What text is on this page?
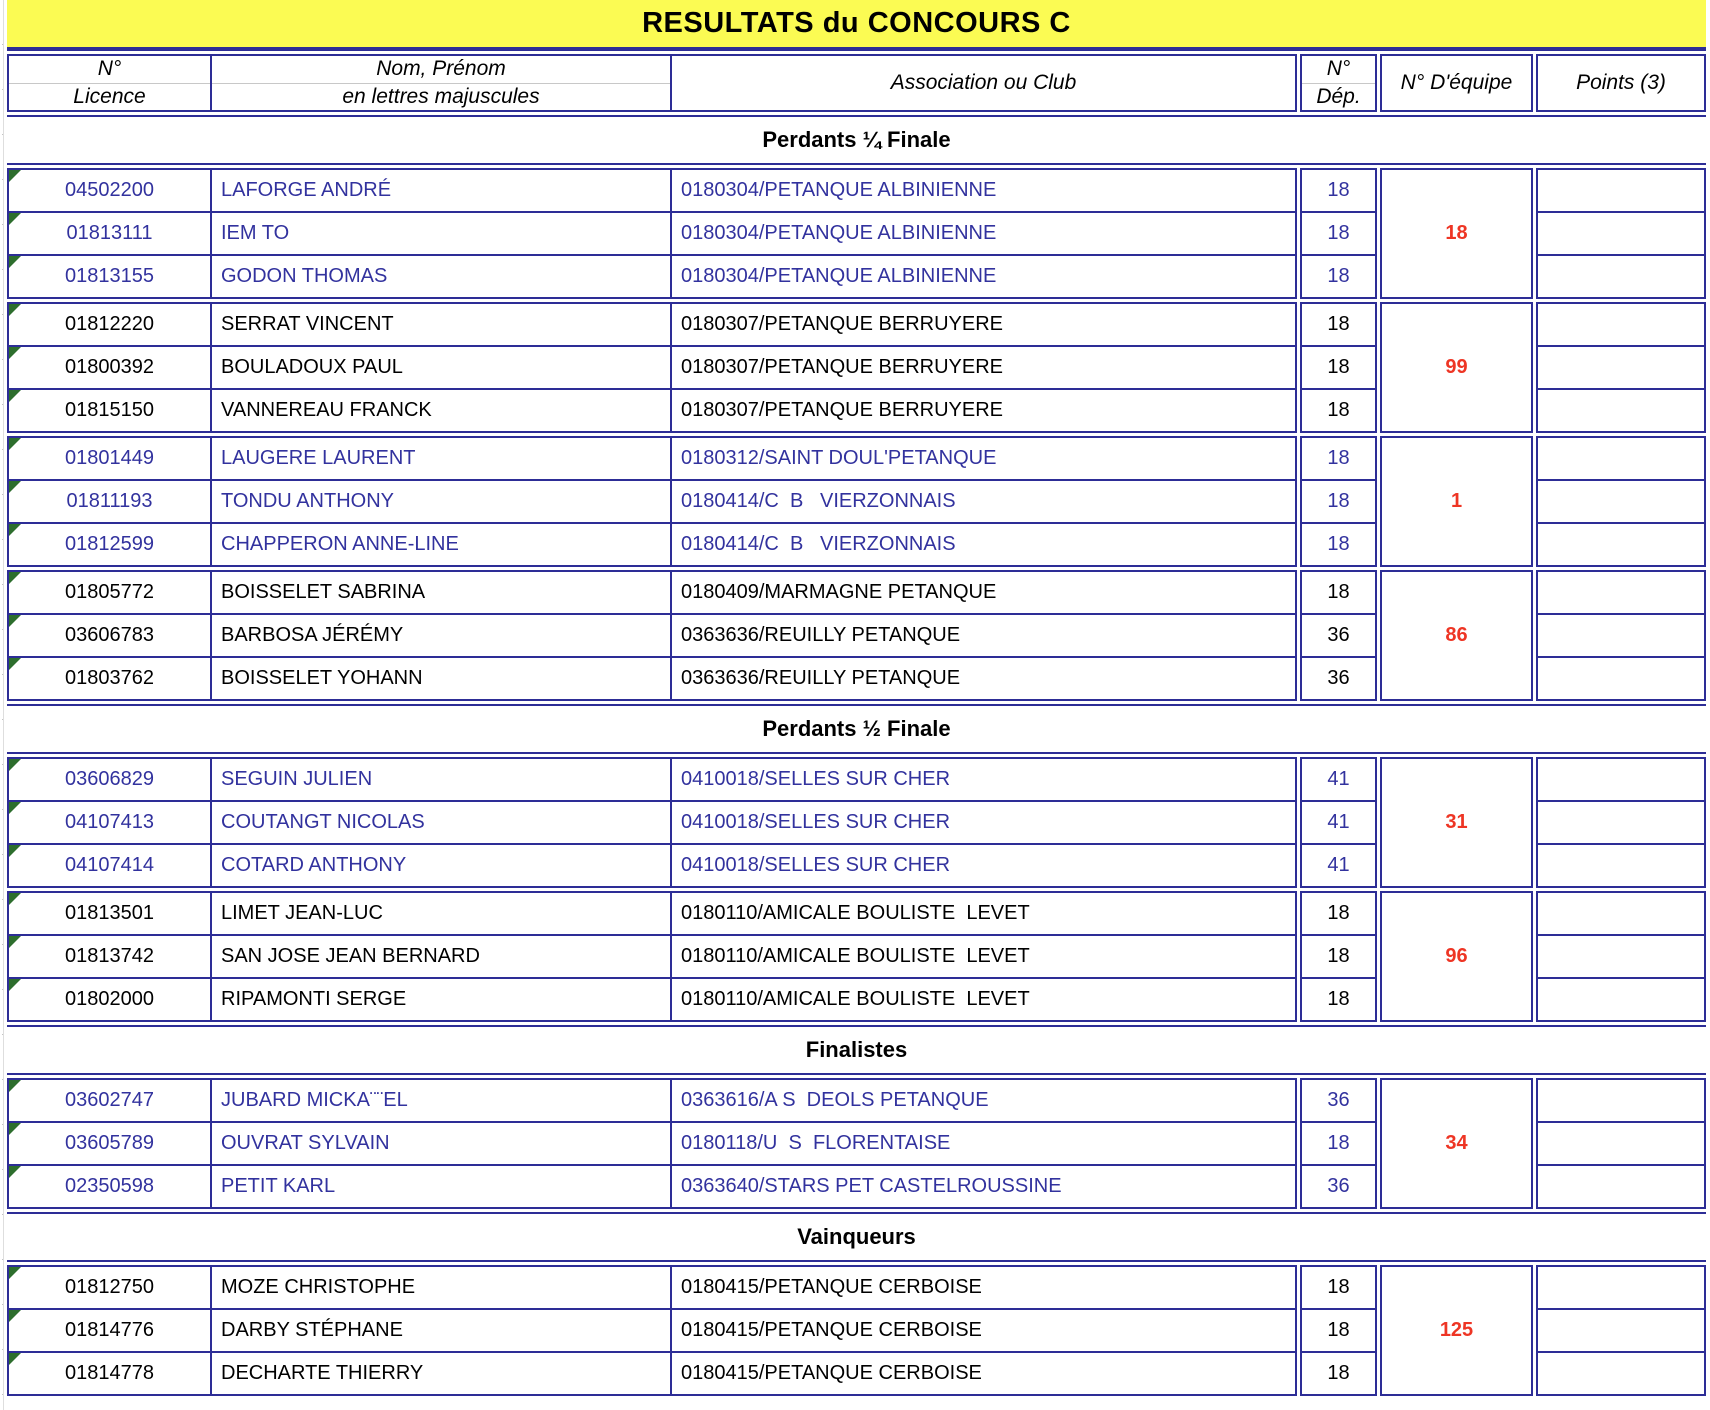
RESULTATS du CONCOURS C
N°
Licence
Nom, Prénom
en lettres majuscules
Association ou Club
N°
Dép.
N° D'équipe	Points (3)
Perdants ¼ Finale
04502200	LAFORGE ANDRÉ	0180304/PETANQUE ALBINIENNE	18
01813111	IEM TO	0180304/PETANQUE ALBINIENNE	18
01813155	GODON THOMAS	0180304/PETANQUE ALBINIENNE	18
18
01812220	SERRAT VINCENT	0180307/PETANQUE BERRUYERE	18
01800392	BOULADOUX PAUL	0180307/PETANQUE BERRUYERE	18
01815150	VANNEREAU FRANCK	0180307/PETANQUE BERRUYERE	18
99
01801449	LAUGERE LAURENT	0180312/SAINT DOUL'PETANQUE	18
01811193	TONDU ANTHONY	0180414/C  B   VIERZONNAIS	18
01812599	CHAPPERON ANNE-LINE	0180414/C  B   VIERZONNAIS	18
1
01805772	BOISSELET SABRINA	0180409/MARMAGNE PETANQUE	18
03606783	BARBOSA JÉRÉMY	0363636/REUILLY PETANQUE	36
01803762	BOISSELET YOHANN	0363636/REUILLY PETANQUE	36
86
Perdants ½ Finale
03606829	SEGUIN JULIEN	0410018/SELLES SUR CHER	41
04107413	COUTANGT NICOLAS	0410018/SELLES SUR CHER	41
04107414	COTARD ANTHONY	0410018/SELLES SUR CHER	41
31
01813501	LIMET JEAN-LUC	0180110/AMICALE BOULISTE  LEVET	18
01813742	SAN JOSE JEAN BERNARD	0180110/AMICALE BOULISTE  LEVET	18
01802000	RIPAMONTI SERGE	0180110/AMICALE BOULISTE  LEVET	18
96
Finalistes
03602747	JUBARD MICKA¨¨EL	0363616/A S  DEOLS PETANQUE	36
03605789	OUVRAT SYLVAIN	0180118/U  S  FLORENTAISE	18
02350598	PETIT KARL	0363640/STARS PET CASTELROUSSINE	36
34
Vainqueurs
01812750	MOZE CHRISTOPHE	0180415/PETANQUE CERBOISE	18
01814776	DARBY STÉPHANE	0180415/PETANQUE CERBOISE	18
01814778	DECHARTE THIERRY	0180415/PETANQUE CERBOISE	18
125
